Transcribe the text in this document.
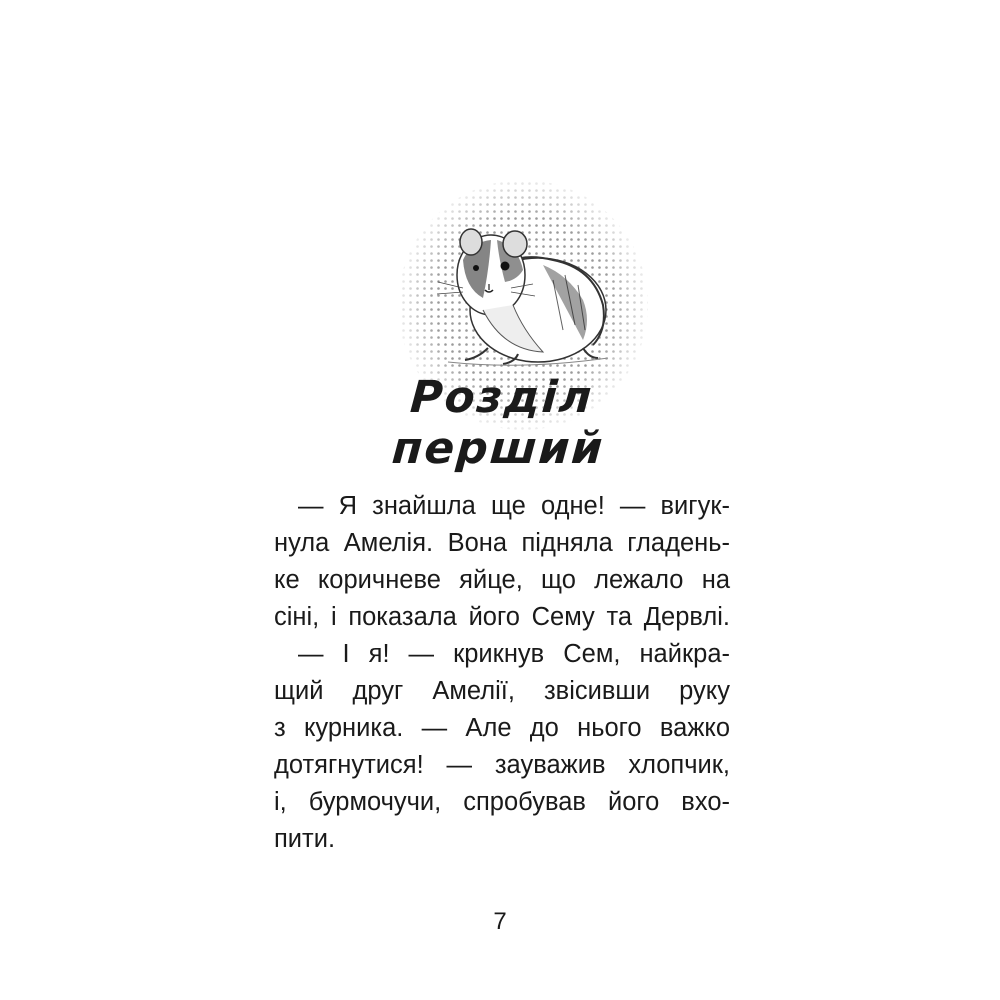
Розділ перший
— Я знайшла ще одне! — вигук-
нула Амелія. Вона підняла гладень-
ке коричневе яйце, що лежало на
сіні, і показала його Сему та Дервлі.
— І я! — крикнув Сем, найкра-
щий друг Амелії, звісивши руку
з курника. — Але до нього важко
дотягнутися! — зауважив хлопчик,
і, бурмочучи, спробував його вхо-
пити.
7
